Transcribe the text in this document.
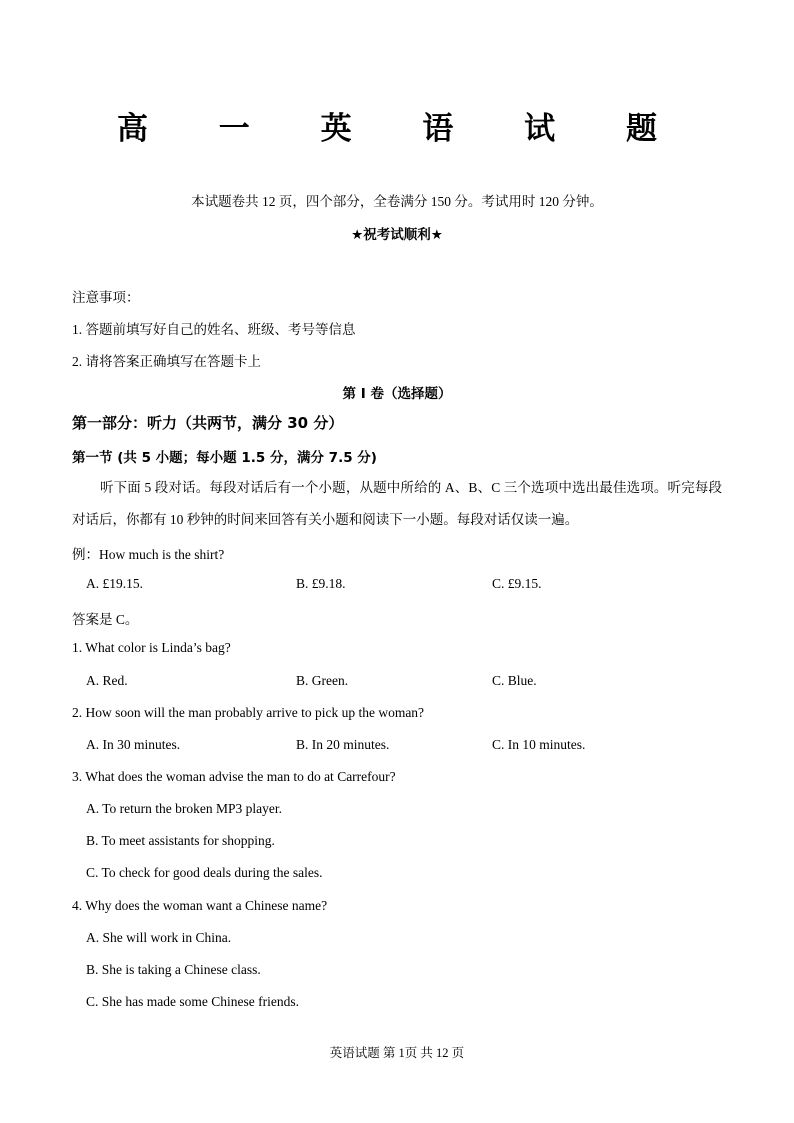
高 一 英 语 试 题
本试题卷共 12 页，四个部分，全卷满分 150 分。考试用时 120 分钟。
★祝考试顺利★
注意事项：
1. 答题前填写好自己的姓名、班级、考号等信息
2. 请将答案正确填写在答题卡上
第 I 卷（选择题）
第一部分：听力（共两节，满分 30 分）
第一节 (共 5 小题；每小题 1.5 分，满分 7.5 分)
听下面 5 段对话。每段对话后有一个小题，从题中所给的 A、B、C 三个选项中选出最佳选项。听完每段对话后，你都有 10 秒钟的时间来回答有关小题和阅读下一小题。每段对话仅读一遍。
例：How much is the shirt?
A. £19.15.	B. £9.18.	C. £9.15.
答案是 C。
1. What color is Linda’s bag?
A. Red.	B. Green.	C. Blue.
2. How soon will the man probably arrive to pick up the woman?
A. In 30 minutes.	B. In 20 minutes.	C. In 10 minutes.
3. What does the woman advise the man to do at Carrefour?
A. To return the broken MP3 player.
B. To meet assistants for shopping.
C. To check for good deals during the sales.
4. Why does the woman want a Chinese name?
A. She will work in China.
B. She is taking a Chinese class.
C. She has made some Chinese friends.
英语试题 第 1页 共 12 页
